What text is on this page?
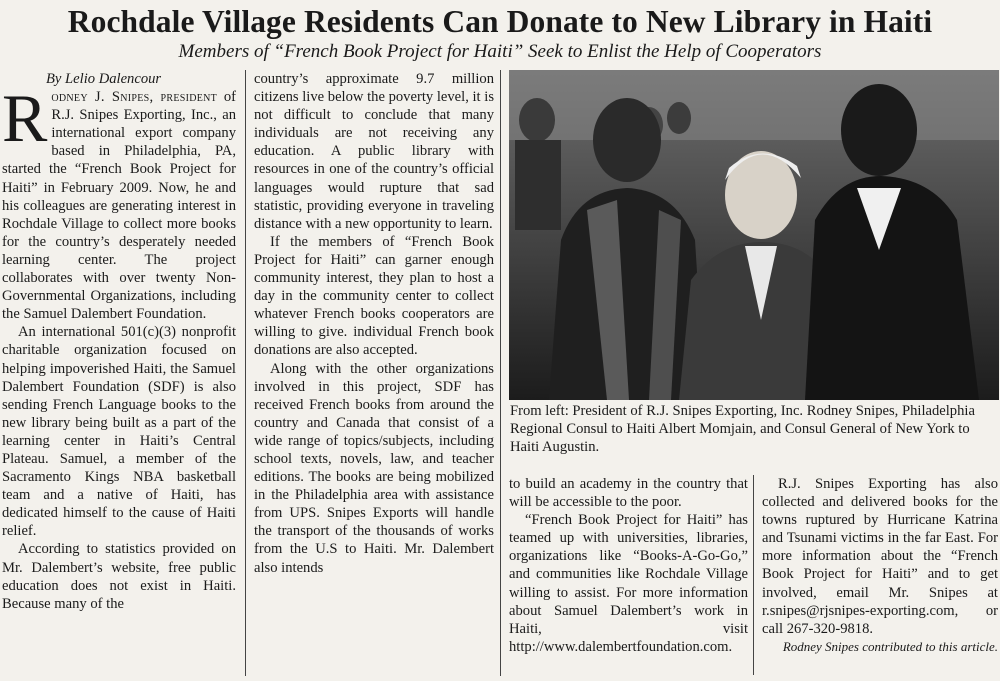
Rochdale Village Residents Can Donate to New Library in Haiti
Members of “French Book Project for Haiti” Seek to Enlist the Help of Cooperators

By Lelio Dalencour

Rodney J. Snipes, president of R.J. Snipes Exporting, Inc., an international export company based in Philadelphia, PA, started the “French Book Project for Haiti” in February 2009. Now, he and his colleagues are generating interest in Rochdale Village to collect more books for the country’s desperately needed learning center. The project collaborates with over twenty Non-Governmental Organizations, including the Samuel Dalembert Foundation.

An international 501(c)(3) nonprofit charitable organization focused on helping impoverished Haiti, the Samuel Dalembert Foundation (SDF) is also sending French Language books to the new library being built as a part of the learning center in Haiti’s Central Plateau. Samuel, a member of the Sacramento Kings NBA basketball team and a native of Haiti, has dedicated himself to the cause of Haiti relief.

According to statistics provided on Mr. Dalembert’s website, free public education does not exist in Haiti. Because many of the

country’s approximate 9.7 million citizens live below the poverty level, it is not difficult to conclude that many individuals are not receiving any education. A public library with resources in one of the country’s official languages would rupture that sad statistic, providing everyone in traveling distance with a new opportunity to learn.

If the members of “French Book Project for Haiti” can garner enough community interest, they plan to host a day in the community center to collect whatever French books cooperators are willing to give. individual French book donations are also accepted.

Along with the other organizations involved in this project, SDF has received French books from around the country and Canada that consist of a wide range of topics/subjects, including school texts, novels, law, and teacher editions. The books are being mobilized in the Philadelphia area with assistance from UPS. Snipes Exports will handle the transport of the thousands of works from the U.S to Haiti. Mr. Dalembert also intends

From left: President of R.J. Snipes Exporting, Inc. Rodney Snipes, Philadelphia Regional Consul to Haiti Albert Momjain, and Consul General of New York to Haiti Augustin.

to build an academy in the country that will be accessible to the poor.

“French Book Project for Haiti” has teamed up with universities, libraries, organizations like “Books-A-Go-Go,” and communities like Rochdale Village willing to assist. For more information about Samuel Dalembert’s work in Haiti, visit http://www.dalembertfoundation.com.

R.J. Snipes Exporting has also collected and delivered books for the towns ruptured by Hurricane Katrina and Tsunami victims in the far East. For more information about the “French Book Project for Haiti” and to get involved, email Mr. Snipes at r.snipes@rjsnipes-exporting.com, or call 267-320-9818.

Rodney Snipes contributed to this article.
